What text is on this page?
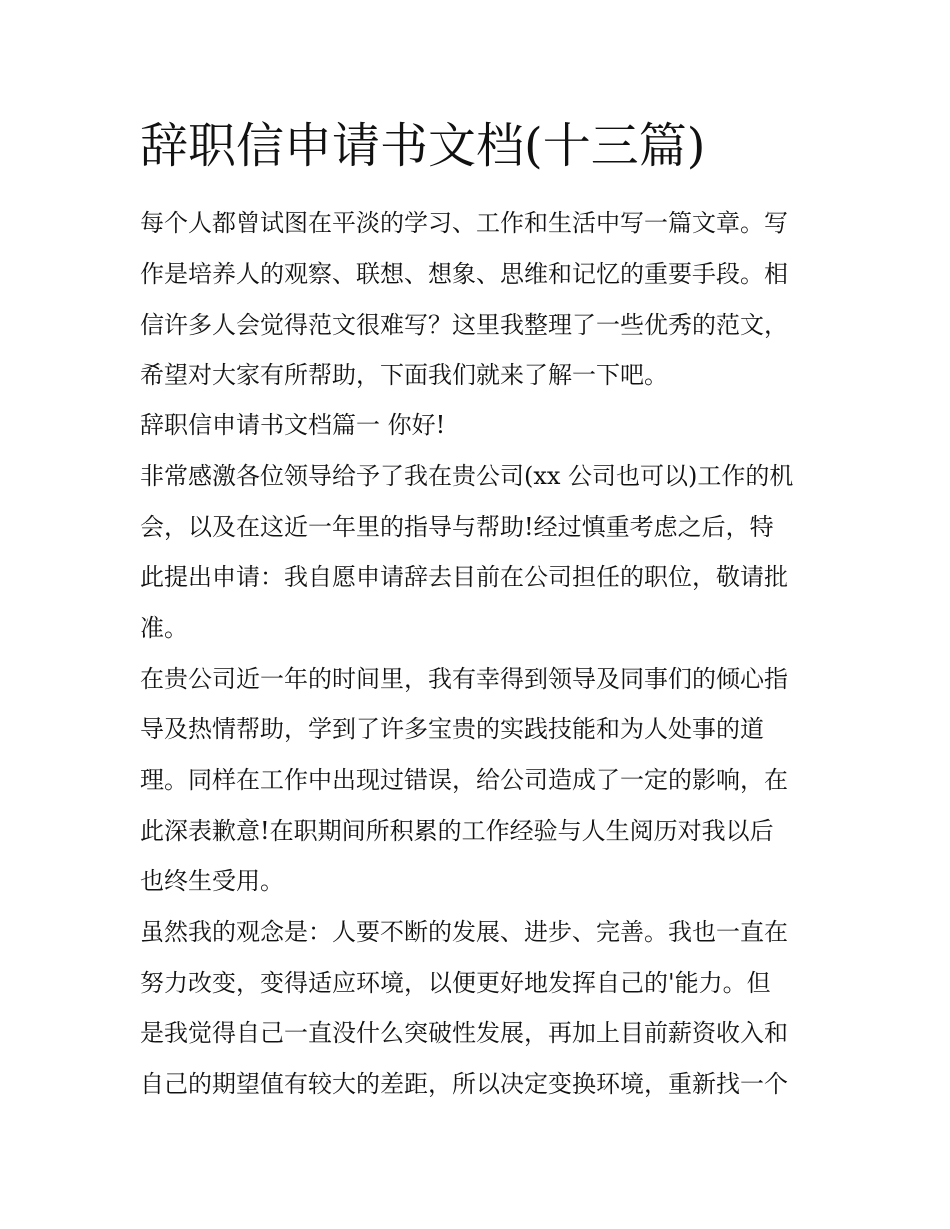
辞职信申请书文档(十三篇)

每个人都曾试图在平淡的学习、工作和生活中写一篇文章。写

作是培养人的观察、联想、想象、思维和记忆的重要手段。相

信许多人会觉得范文很难写？这里我整理了一些优秀的范文，

希望对大家有所帮助，下面我们就来了解一下吧。

辞职信申请书文档篇一 你好!

非常感激各位领导给予了我在贵公司(xx 公司也可以)工作的机

会，以及在这近一年里的指导与帮助!经过慎重考虑之后，特

此提出申请：我自愿申请辞去目前在公司担任的职位，敬请批

准。

在贵公司近一年的时间里，我有幸得到领导及同事们的倾心指

导及热情帮助，学到了许多宝贵的实践技能和为人处事的道

理。同样在工作中出现过错误，给公司造成了一定的影响，在

此深表歉意!在职期间所积累的工作经验与人生阅历对我以后

也终生受用。

虽然我的观念是：人要不断的发展、进步、完善。我也一直在

努力改变，变得适应环境，以便更好地发挥自己的'能力。但

是我觉得自己一直没什么突破性发展，再加上目前薪资收入和

自己的期望值有较大的差距，所以决定变换环境，重新找一个
